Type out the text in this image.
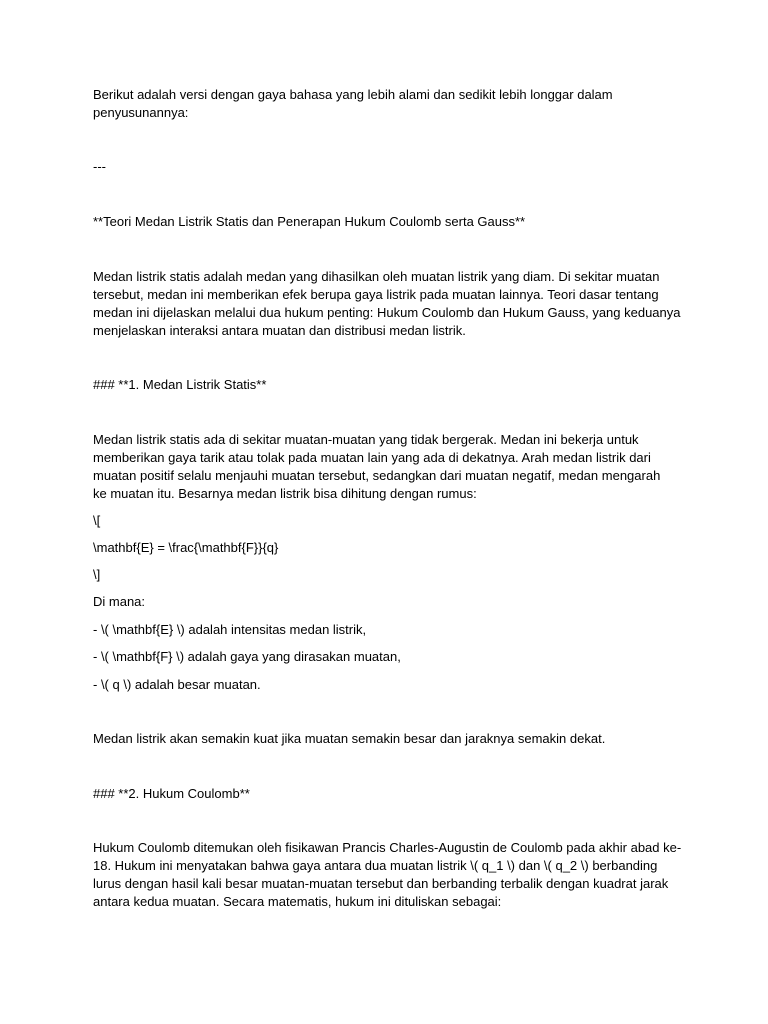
Berikut adalah versi dengan gaya bahasa yang lebih alami dan sedikit lebih longgar dalam
penyusunannya:
---
**Teori Medan Listrik Statis dan Penerapan Hukum Coulomb serta Gauss**
Medan listrik statis adalah medan yang dihasilkan oleh muatan listrik yang diam. Di sekitar muatan
tersebut, medan ini memberikan efek berupa gaya listrik pada muatan lainnya. Teori dasar tentang
medan ini dijelaskan melalui dua hukum penting: Hukum Coulomb dan Hukum Gauss, yang keduanya
menjelaskan interaksi antara muatan dan distribusi medan listrik.
### **1. Medan Listrik Statis**
Medan listrik statis ada di sekitar muatan-muatan yang tidak bergerak. Medan ini bekerja untuk
memberikan gaya tarik atau tolak pada muatan lain yang ada di dekatnya. Arah medan listrik dari
muatan positif selalu menjauhi muatan tersebut, sedangkan dari muatan negatif, medan mengarah
ke muatan itu. Besarnya medan listrik bisa dihitung dengan rumus:
\[
\mathbf{E} = \frac{\mathbf{F}}{q}
\]
Di mana:
- \( \mathbf{E} \) adalah intensitas medan listrik,
- \( \mathbf{F} \) adalah gaya yang dirasakan muatan,
- \( q \) adalah besar muatan.
Medan listrik akan semakin kuat jika muatan semakin besar dan jaraknya semakin dekat.
### **2. Hukum Coulomb**
Hukum Coulomb ditemukan oleh fisikawan Prancis Charles-Augustin de Coulomb pada akhir abad ke-
18. Hukum ini menyatakan bahwa gaya antara dua muatan listrik \( q_1 \) dan \( q_2 \) berbanding
lurus dengan hasil kali besar muatan-muatan tersebut dan berbanding terbalik dengan kuadrat jarak
antara kedua muatan. Secara matematis, hukum ini dituliskan sebagai:
